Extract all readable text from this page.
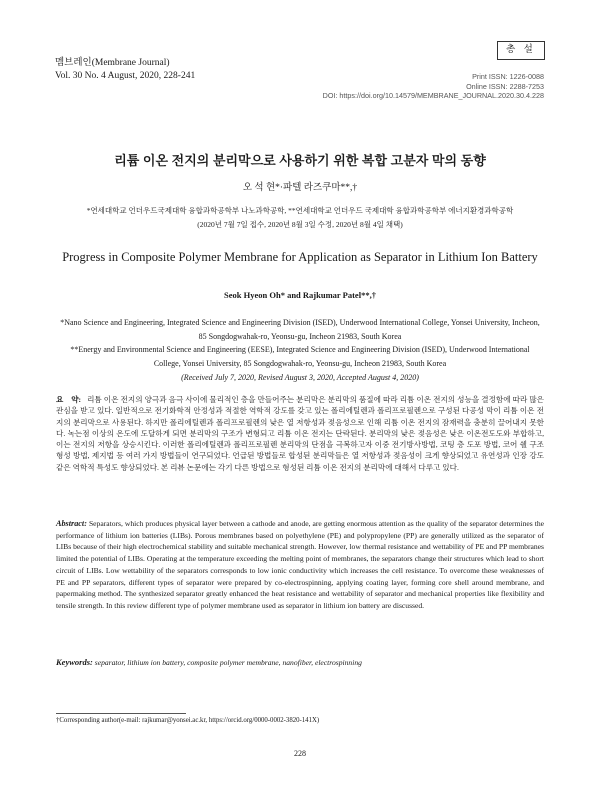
멤브레인(Membrane Journal)
Vol. 30 No. 4 August, 2020, 228-241
총 설
Print ISSN: 1226-0088
Online ISSN: 2288-7253
DOI: https://doi.org/10.14579/MEMBRANE_JOURNAL.2020.30.4.228
리튬 이온 전지의 분리막으로 사용하기 위한 복합 고분자 막의 동향
오 석 현*·파텔 라즈쿠마**,†
*연세대학교 언더우드국제대학 융합과학공학부 나노과학공학, **연세대학교 언더우드 국제대학 융합과학공학부 에너지환경과학공학
(2020년 7월 7일 접수, 2020년 8월 3일 수정, 2020년 8월 4일 채택)
Progress in Composite Polymer Membrane for Application as Separator in Lithium Ion Battery
Seok Hyeon Oh* and Rajkumar Patel**,†
*Nano Science and Engineering, Integrated Science and Engineering Division (ISED), Underwood International College, Yonsei University, Incheon, 85 Songdogwahak-ro, Yeonsu-gu, Incheon 21983, South Korea
**Energy and Environmental Science and Engineering (EESE), Integrated Science and Engineering Division (ISED), Underwood International College, Yonsei University, 85 Songdogwahak-ro, Yeonsu-gu, Incheon 21983, South Korea
(Received July 7, 2020, Revised August 3, 2020, Accepted August 4, 2020)
요　약: 리튬 이온 전지의 양극과 음극 사이에 물리적인 층을 만들어주는 분리막은 분리막의 품질에 따라 리튬 이온 전지의 성능을 결정함에 따라 많은 관심을 받고 있다. 일반적으로 전기화학적 안정성과 적절한 역학적 강도를 갖고 있는 폴리에틸렌과 폴리프로필렌으로 구성된 다공성 막이 리튬 이온 전지의 분리막으로 사용된다. 하지만 폴리에틸렌과 폴리프로필렌의 낮은 열 저항성과 젖음성으로 인해 리튬 이온 전지의 잠재력을 충분히 끌어내지 못한다. 녹는점 이상의 온도에 도달하게 되면 분리막의 구조가 변형되고 리튬 이온 전지는 단락된다. 분리막의 낮은 젖음성은 낮은 이온전도도와 부합하고, 이는 전지의 저항을 상승시킨다. 이러한 폴리에틸렌과 폴리프로필렌 분리막의 단점을 극복하고자 이중 전기방사방법, 코팅 층 도포 방법, 코어 쉘 구조 형성 방법, 제지법 등 여러 가지 방법들이 연구되었다. 언급된 방법들로 합성된 분리막들은 열 저항성과 젖음성이 크게 향상되었고 유연성과 인장 강도 같은 역학적 특성도 향상되었다. 본 리뷰 논문에는 각기 다른 방법으로 형성된 리튬 이온 전지의 분리막에 대해서 다루고 있다.
Abstract: Separators, which produces physical layer between a cathode and anode, are getting enormous attention as the quality of the separator determines the performance of lithium ion batteries (LIBs). Porous membranes based on polyethylene (PE) and polypropylene (PP) are generally utilized as the separator of LIBs because of their high electrochemical stability and suitable mechanical strength. However, low thermal resistance and wettability of PE and PP membranes limited the potential of LIBs. Operating at the temperature exceeding the melting point of membranes, the separators change their structures which lead to short circuit of LIBs. Low wettability of the separators corresponds to low ionic conductivity which increases the cell resistance. To overcome these weaknesses of PE and PP separators, different types of separator were prepared by co-electrospinning, applying coating layer, forming core shell around membrane, and papermaking method. The synthesized separator greatly enhanced the heat resistance and wettability of separator and mechanical properties like flexibility and tensile strength. In this review different type of polymer membrane used as separator in lithium ion battery are discussed.
Keywords: separator, lithium ion battery, composite polymer membrane, nanofiber, electrospinning
†Corresponding author(e-mail: rajkumar@yonsei.ac.kr, https://orcid.org/0000-0002-3820-141X)
228
